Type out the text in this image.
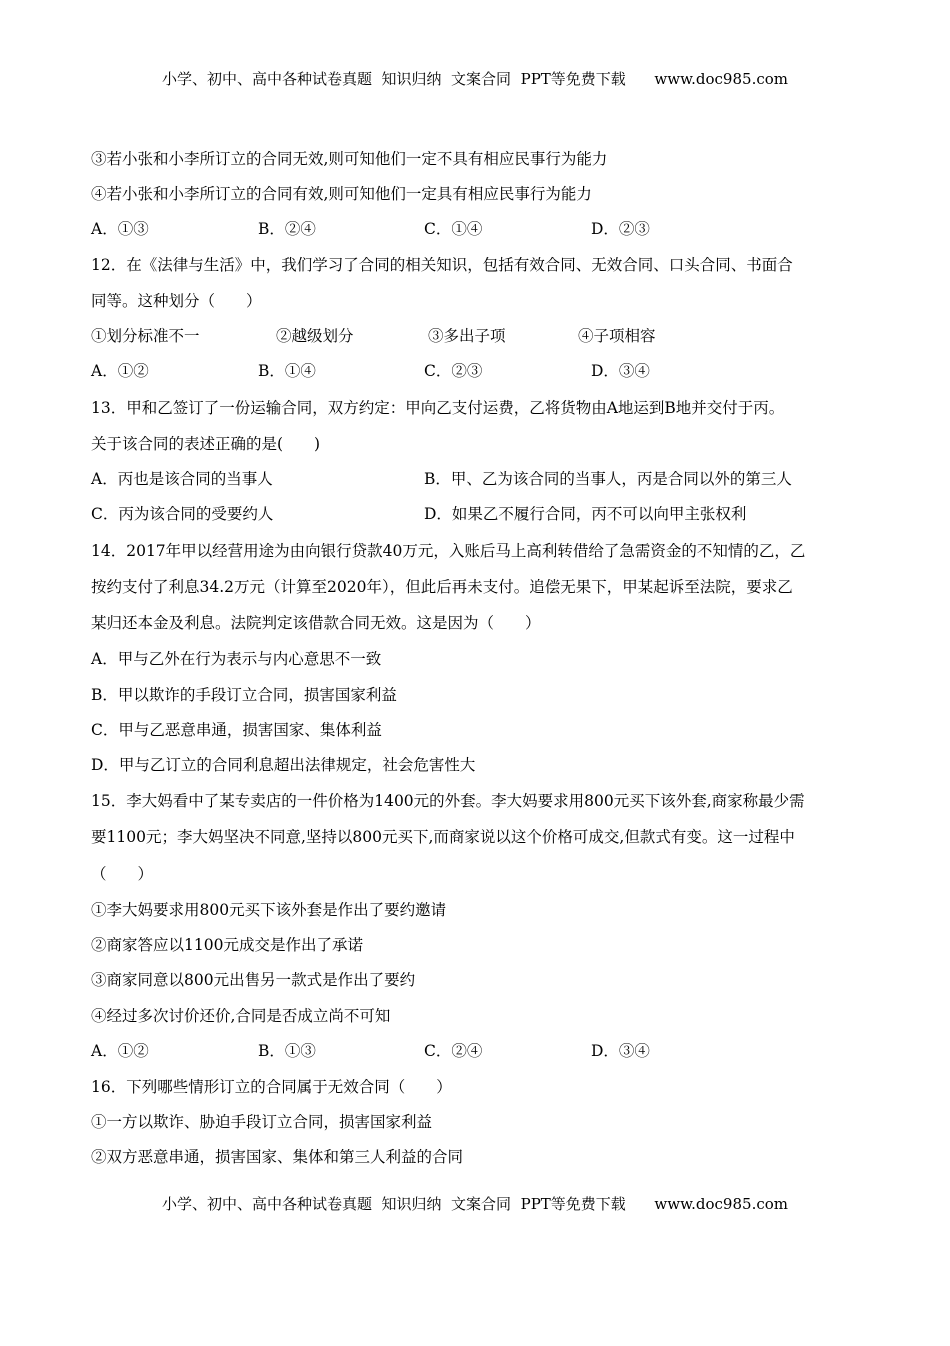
小学、初中、高中各种试卷真题  知识归纳  文案合同  PPT等免费下载      www.doc985.com
③若小张和小李所订立的合同无效,则可知他们一定不具有相应民事行为能力
④若小张和小李所订立的合同有效,则可知他们一定具有相应民事行为能力
A．①③	B．②④	C．①④	D．②③
12．在《法律与生活》中，我们学习了合同的相关知识，包括有效合同、无效合同、口头合同、书面合
同等。这种划分（　　）
①划分标准不一	②越级划分	③多出子项	④子项相容
A．①②	B．①④	C．②③	D．③④
13．甲和乙签订了一份运输合同，双方约定：甲向乙支付运费，乙将货物由A地运到B地并交付于丙。
关于该合同的表述正确的是(　　)
A．丙也是该合同的当事人	B．甲、乙为该合同的当事人，丙是合同以外的第三人
C．丙为该合同的受要约人	D．如果乙不履行合同，丙不可以向甲主张权利
14．2017年甲以经营用途为由向银行贷款40万元，入账后马上高利转借给了急需资金的不知情的乙，乙
按约支付了利息34.2万元（计算至2020年），但此后再未支付。追偿无果下，甲某起诉至法院，要求乙
某归还本金及利息。法院判定该借款合同无效。这是因为（　　）
A．甲与乙外在行为表示与内心意思不一致
B．甲以欺诈的手段订立合同，损害国家利益
C．甲与乙恶意串通，损害国家、集体利益
D．甲与乙订立的合同利息超出法律规定，社会危害性大
15．李大妈看中了某专卖店的一件价格为1400元的外套。李大妈要求用800元买下该外套,商家称最少需
要1100元；李大妈坚决不同意,坚持以800元买下,而商家说以这个价格可成交,但款式有变。这一过程中
（　　）
①李大妈要求用800元买下该外套是作出了要约邀请
②商家答应以1100元成交是作出了承诺
③商家同意以800元出售另一款式是作出了要约
④经过多次讨价还价,合同是否成立尚不可知
A．①②	B．①③	C．②④	D．③④
16．下列哪些情形订立的合同属于无效合同（　　）
①一方以欺诈、胁迫手段订立合同，损害国家利益
②双方恶意串通，损害国家、集体和第三人利益的合同
小学、初中、高中各种试卷真题  知识归纳  文案合同  PPT等免费下载      www.doc985.com
